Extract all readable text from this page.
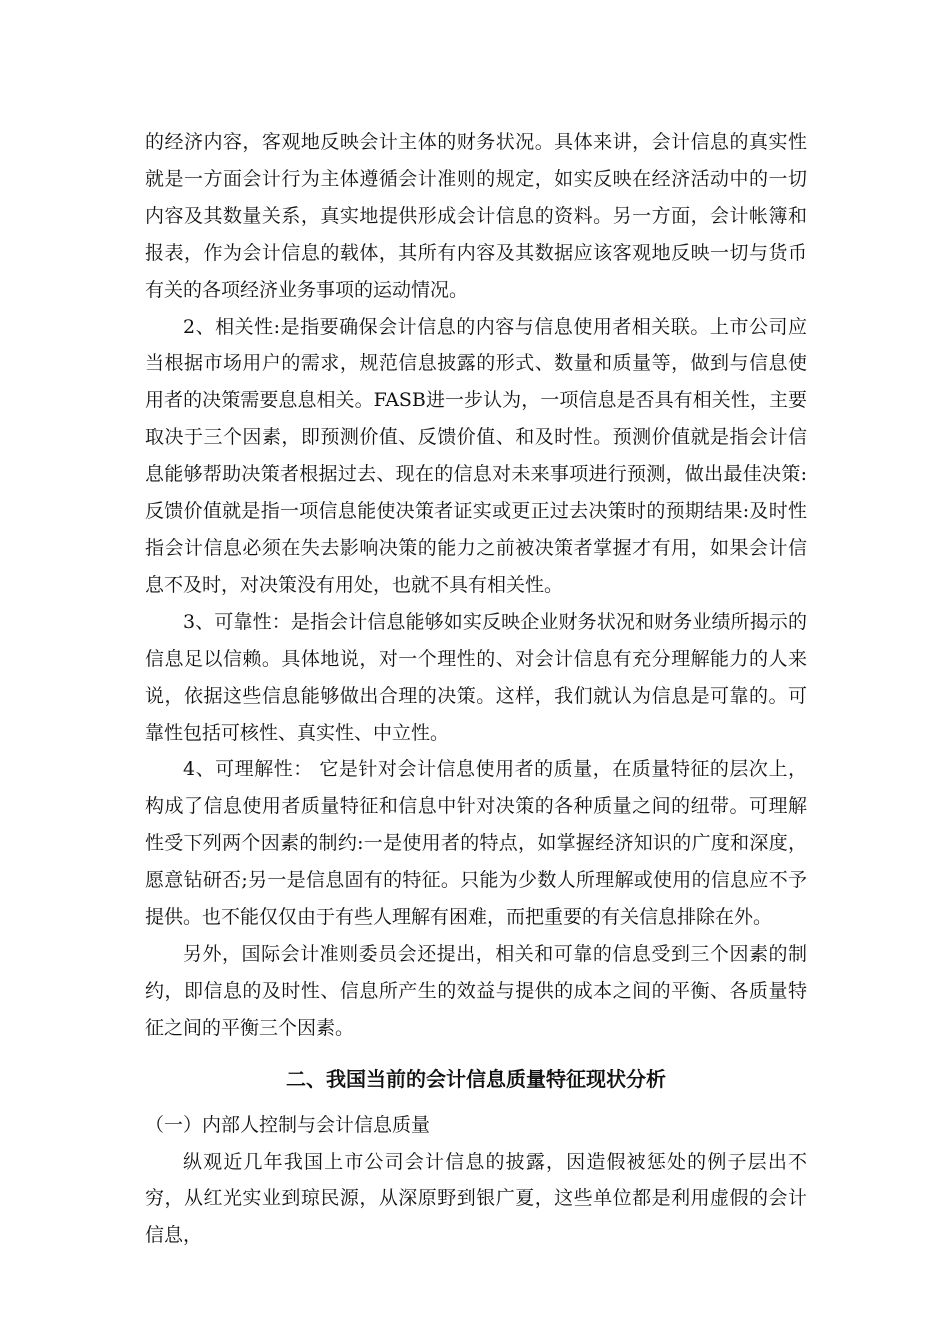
的经济内容，客观地反映会计主体的财务状况。具体来讲，会计信息的真实性就是一方面会计行为主体遵循会计准则的规定，如实反映在经济活动中的一切内容及其数量关系，真实地提供形成会计信息的资料。另一方面，会计帐簿和报表，作为会计信息的载体，其所有内容及其数据应该客观地反映一切与货币有关的各项经济业务事项的运动情况。

2、相关性:是指要确保会计信息的内容与信息使用者相关联。上市公司应当根据市场用户的需求，规范信息披露的形式、数量和质量等，做到与信息使用者的决策需要息息相关。FASB进一步认为，一项信息是否具有相关性，主要取决于三个因素，即预测价值、反馈价值、和及时性。预测价值就是指会计信息能够帮助决策者根据过去、现在的信息对未来事项进行预测，做出最佳决策:反馈价值就是指一项信息能使决策者证实或更正过去决策时的预期结果:及时性指会计信息必须在失去影响决策的能力之前被决策者掌握才有用，如果会计信息不及时，对决策没有用处，也就不具有相关性。

3、可靠性：是指会计信息能够如实反映企业财务状况和财务业绩所揭示的信息足以信赖。具体地说，对一个理性的、对会计信息有充分理解能力的人来说，依据这些信息能够做出合理的决策。这样，我们就认为信息是可靠的。可靠性包括可核性、真实性、中立性。

4、可理解性： 它是针对会计信息使用者的质量，在质量特征的层次上，构成了信息使用者质量特征和信息中针对决策的各种质量之间的纽带。可理解性受下列两个因素的制约:一是使用者的特点，如掌握经济知识的广度和深度，愿意钻研否;另一是信息固有的特征。只能为少数人所理解或使用的信息应不予提供。也不能仅仅由于有些人理解有困难，而把重要的有关信息排除在外。

另外，国际会计准则委员会还提出，相关和可靠的信息受到三个因素的制约，即信息的及时性、信息所产生的效益与提供的成本之间的平衡、各质量特征之间的平衡三个因素。

二、我国当前的会计信息质量特征现状分析

（一）内部人控制与会计信息质量

纵观近几年我国上市公司会计信息的披露，因造假被惩处的例子层出不穷，从红光实业到琼民源，从深原野到银广夏，这些单位都是利用虚假的会计信息，
